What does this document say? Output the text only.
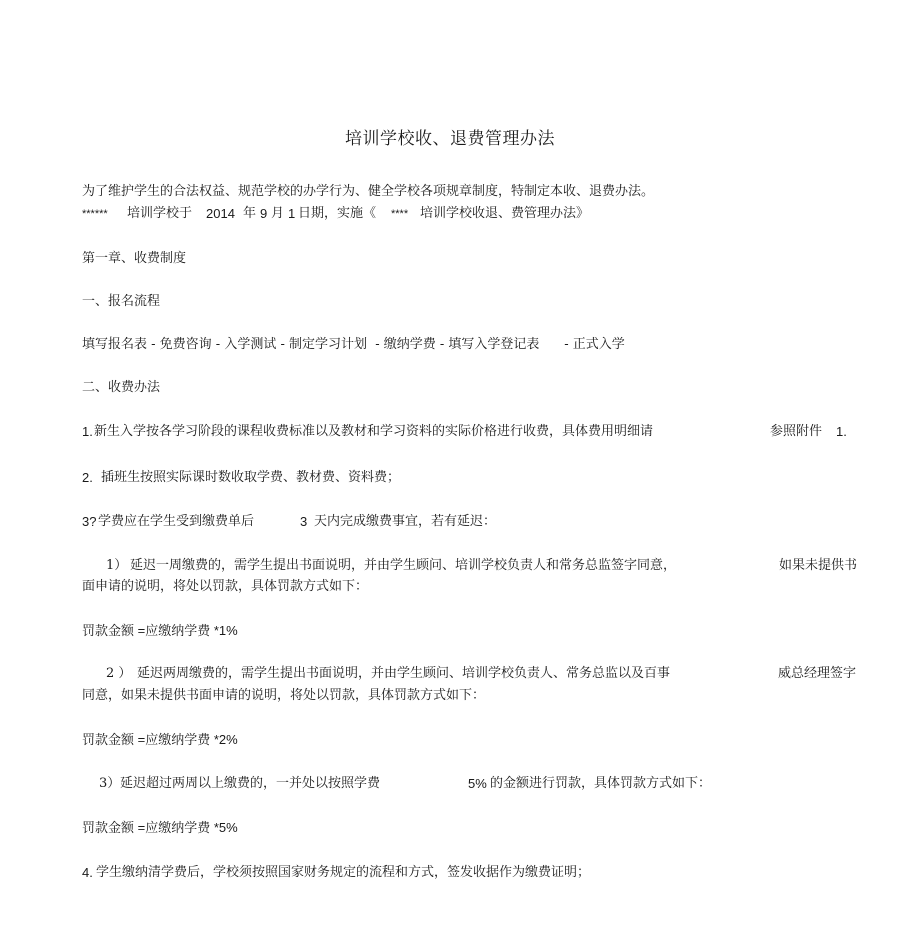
培训学校收、退费管理办法
为了维护学生的合法权益、规范学校的办学行为、健全学校各项规章制度，特制定本收、退费办法。
****** 培训学校于 2014 年 9 月 1 日期，实施《 **** 培训学校收退、费管理办法》
第一章、收费制度
一、报名流程
填写报名表 - 免费咨询 - 入学测试 - 制定学习计划  - 缴纳学费 - 填写入学登记表      - 正式入学
二、收费办法
1. 新生入学按各学习阶段的课程收费标准以及教材和学习资料的实际价格进行收费，具体费用明细请	参照附件 1.
2. 插班生按照实际课时数收取学费、教材费、资料费；
3? 学费应在学生受到缴费单后	3 天内完成缴费事宜，若有延迟：
1） 延迟一周缴费的，需学生提出书面说明，并由学生顾问、培训学校负责人和常务总监签字同意，	如果未提供书
面申请的说明，将处以罚款，具体罚款方式如下：
罚款金额 =应缴纳学费 *1%
2 ） 延迟两周缴费的，需学生提出书面说明，并由学生顾问、培训学校负责人、常务总监以及百事	威总经理签字
同意，如果未提供书面申请的说明，将处以罚款，具体罚款方式如下：
罚款金额 =应缴纳学费 *2%
3） 延迟超过两周以上缴费的，一并处以按照学费	5% 的金额进行罚款，具体罚款方式如下：
罚款金额 =应缴纳学费 *5%
4. 学生缴纳清学费后，学校须按照国家财务规定的流程和方式，签发收据作为缴费证明；
